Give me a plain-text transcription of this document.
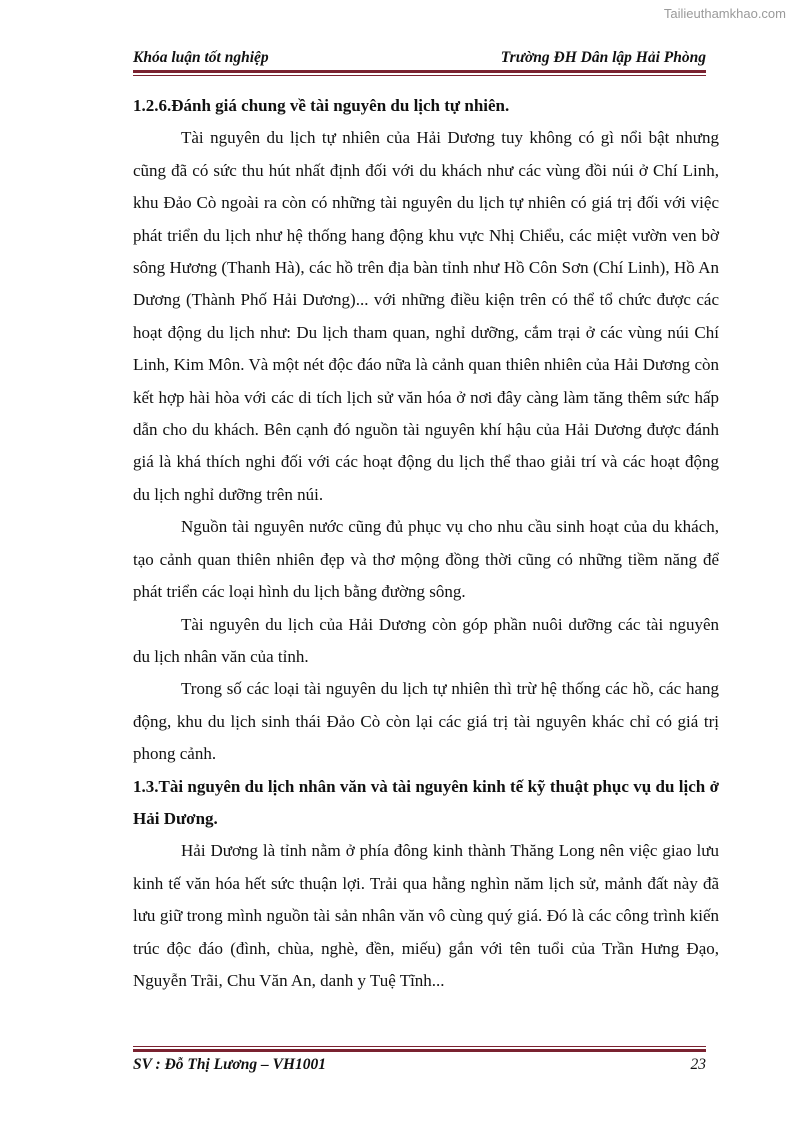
Tailieuthamkhao.com
Khóa luận tốt nghiệp	Trường ĐH Dân lập Hải Phòng
1.2.6.Đánh giá chung về tài nguyên du lịch tự nhiên.

Tài nguyên du lịch tự nhiên của Hải Dương tuy không có gì nổi bật nhưng cũng đã có sức thu hút nhất định đối với du khách như các vùng đồi núi ở Chí Linh, khu Đảo Cò ngoài ra còn có những tài nguyên du lịch tự nhiên có giá trị đối với việc phát triển du lịch như hệ thống hang động khu vực Nhị Chiểu, các miệt vườn ven bờ sông Hương (Thanh Hà), các hồ trên địa bàn tỉnh như Hồ Côn Sơn (Chí Linh), Hồ An Dương (Thành Phố Hải Dương)... với những điều kiện trên có thể tổ chức được các hoạt động du lịch như: Du lịch tham quan, nghỉ dưỡng, cắm trại ở các vùng núi Chí Linh, Kim Môn. Và một nét độc đáo nữa là cảnh quan thiên nhiên của Hải Dương còn kết hợp hài hòa với các di tích lịch sử văn hóa ở nơi đây càng làm tăng thêm sức hấp dẫn cho du khách. Bên cạnh đó nguồn tài nguyên khí hậu của Hải Dương được đánh giá là khá thích nghi đối với các hoạt động du lịch thể thao giải trí và các hoạt động du lịch nghỉ dưỡng trên núi.

Nguồn tài nguyên nước cũng đủ phục vụ cho nhu cầu sinh hoạt của du khách, tạo cảnh quan thiên nhiên đẹp và thơ mộng đồng thời cũng có những tiềm năng để phát triển các loại hình du lịch bằng đường sông.

Tài nguyên du lịch của Hải Dương còn góp phần nuôi dưỡng các tài nguyên du lịch nhân văn của tỉnh.

Trong số các loại tài nguyên du lịch tự nhiên thì trừ hệ thống các hồ, các hang động, khu du lịch sinh thái Đảo Cò còn lại các giá trị tài nguyên khác chỉ có giá trị phong cảnh.

1.3.Tài nguyên du lịch nhân văn và tài nguyên kinh tế kỹ thuật phục vụ du lịch ở Hải Dương.

Hải Dương là tỉnh nằm ở phía đông kinh thành Thăng Long nên việc giao lưu kinh tế văn hóa hết sức thuận lợi. Trải qua hằng nghìn năm lịch sử, mảnh đất này đã lưu giữ trong mình nguồn tài sản nhân văn vô cùng quý giá. Đó là các công trình kiến trúc độc đáo (đình, chùa, nghè, đền, miếu) gắn với tên tuổi của Trần Hưng Đạo, Nguyễn Trãi, Chu Văn An, danh y Tuệ Tĩnh...

SV : Đỗ Thị Lương – VH1001	23
